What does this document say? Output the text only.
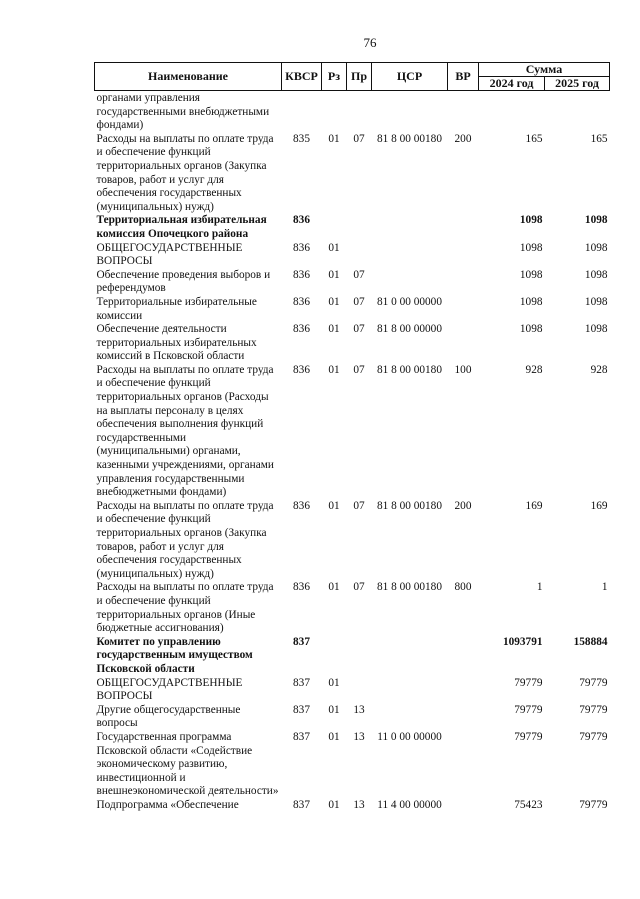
76
Наименование	КВСР	Рз	Пр	ЦСР	ВР	Сумма	
						2024 год	2025 год
органами управления государственными внебюджетными фондами)							
Расходы на выплаты по оплате труда и обеспечение функций территориальных органов (Закупка товаров, работ и услуг для обеспечения государственных (муниципальных) нужд)	835	01	07	81 8 00 00180	200	165	165
Территориальная избирательная комиссия Опочецкого района	836					1098	1098
ОБЩЕГОСУДАРСТВЕННЫЕ ВОПРОСЫ	836	01				1098	1098
Обеспечение проведения выборов и референдумов	836	01	07			1098	1098
Территориальные избирательные комиссии	836	01	07	81 0 00 00000		1098	1098
Обеспечение деятельности территориальных избирательных комиссий в Псковской области	836	01	07	81 8 00 00000		1098	1098
Расходы на выплаты по оплате труда и обеспечение функций территориальных органов (Расходы на выплаты персоналу в целях обеспечения выполнения функций государственными (муниципальными) органами, казенными учреждениями, органами управления государственными внебюджетными фондами)	836	01	07	81 8 00 00180	100	928	928
Расходы на выплаты по оплате труда и обеспечение функций территориальных органов (Закупка товаров, работ и услуг для обеспечения государственных (муниципальных) нужд)	836	01	07	81 8 00 00180	200	169	169
Расходы на выплаты по оплате труда и обеспечение функций территориальных органов (Иные бюджетные ассигнования)	836	01	07	81 8 00 00180	800	1	1
Комитет по управлению государственным имуществом Псковской области	837					1093791	158884
ОБЩЕГОСУДАРСТВЕННЫЕ ВОПРОСЫ	837	01				79779	79779
Другие общегосударственные вопросы	837	01	13			79779	79779
Государственная программа Псковской области «Содействие экономическому развитию, инвестиционной и внешнеэкономической деятельности»	837	01	13	11 0 00 00000		79779	79779
Подпрограмма «Обеспечение	837	01	13	11 4 00 00000		75423	79779
